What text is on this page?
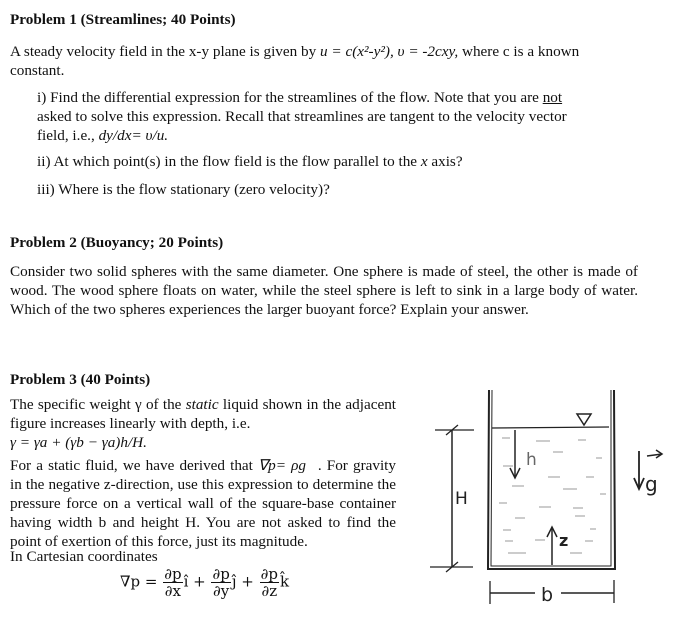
Problem 1 (Streamlines; 40 Points)
A steady velocity field in the x-y plane is given by u = c(x²-y²), υ = -2cxy, where c is a known constant.
i) Find the differential expression for the streamlines of the flow. Note that you are not asked to solve this expression. Recall that streamlines are tangent to the velocity vector field, i.e., dy/dx= υ/u.
ii) At which point(s) in the flow field is the flow parallel to the x axis?
iii) Where is the flow stationary (zero velocity)?
Problem 2 (Buoyancy; 20 Points)
Consider two solid spheres with the same diameter. One sphere is made of steel, the other is made of wood. The wood sphere floats on water, while the steel sphere is left to sink in a large body of water. Which of the two spheres experiences the larger buoyant force? Explain your answer.
Problem 3 (40 Points)
The specific weight γ of the static liquid shown in the adjacent figure increases linearly with depth, i.e.
γ = γa + (γb − γa)h/H.
For a static fluid, we have derived that ∇p= ρg⃗. For gravity in the negative z-direction, use this expression to determine the pressure force on a vertical wall of the square-base container having width b and height H. You are not asked to find the point of exertion of this force, just its magnitude.
In Cartesian coordinates
$\nabla p = \frac{\partial p}{\partial x}$ î + $\frac{\partial p}{\partial y}$ ĵ + $\frac{\partial p}{\partial z}$ k̂
H
h
z
b
g
